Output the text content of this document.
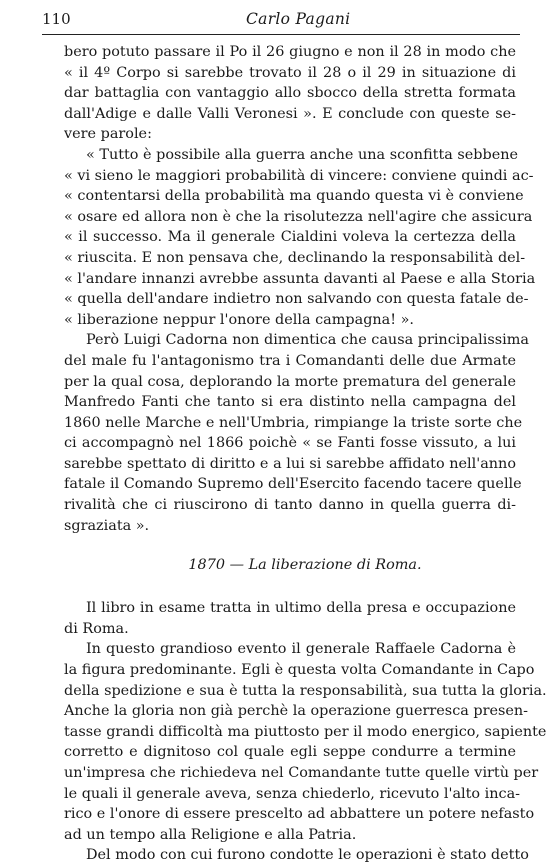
110	Carlo Pagani
bero potuto passare il Po il 26 giugno e non il 28 in modo che
« il 4º Corpo si sarebbe trovato il 28 o il 29 in situazione di
dar battaglia con vantaggio allo sbocco della stretta formata
dall'Adige e dalle Valli Veronesi ». E conclude con queste se-
vere parole:
« Tutto è possibile alla guerra anche una sconfitta sebbene
« vi sieno le maggiori probabilità di vincere: conviene quindi ac-
« contentarsi della probabilità ma quando questa vi è conviene
« osare ed allora non è che la risolutezza nell'agire che assicura
« il successo. Ma il generale Cialdini voleva la certezza della
« riuscita. E non pensava che, declinando la responsabilità del-
« l'andare innanzi avrebbe assunta davanti al Paese e alla Storia
« quella dell'andare indietro non salvando con questa fatale de-
« liberazione neppur l'onore della campagna! ».
Però Luigi Cadorna non dimentica che causa principalissima
del male fu l'antagonismo tra i Comandanti delle due Armate
per la qual cosa, deplorando la morte prematura del generale
Manfredo Fanti che tanto si era distinto nella campagna del
1860 nelle Marche e nell'Umbria, rimpiange la triste sorte che
ci accompagnò nel 1866 poichè « se Fanti fosse vissuto, a lui
sarebbe spettato di diritto e a lui si sarebbe affidato nell'anno
fatale il Comando Supremo dell'Esercito facendo tacere quelle
rivalità che ci riuscirono di tanto danno in quella guerra di-
sgraziata ».
1870 — La liberazione di Roma.
Il libro in esame tratta in ultimo della presa e occupazione
di Roma.
In questo grandioso evento il generale Raffaele Cadorna è
la figura predominante. Egli è questa volta Comandante in Capo
della spedizione e sua è tutta la responsabilità, sua tutta la gloria.
Anche la gloria non già perchè la operazione guerresca presen-
tasse grandi difficoltà ma piuttosto per il modo energico, sapiente
corretto e dignitoso col quale egli seppe condurre a termine
un'impresa che richiedeva nel Comandante tutte quelle virtù per
le quali il generale aveva, senza chiederlo, ricevuto l'alto inca-
rico e l'onore di essere prescelto ad abbattere un potere nefasto
ad un tempo alla Religione e alla Patria.
Del modo con cui furono condotte le operazioni è stato detto
